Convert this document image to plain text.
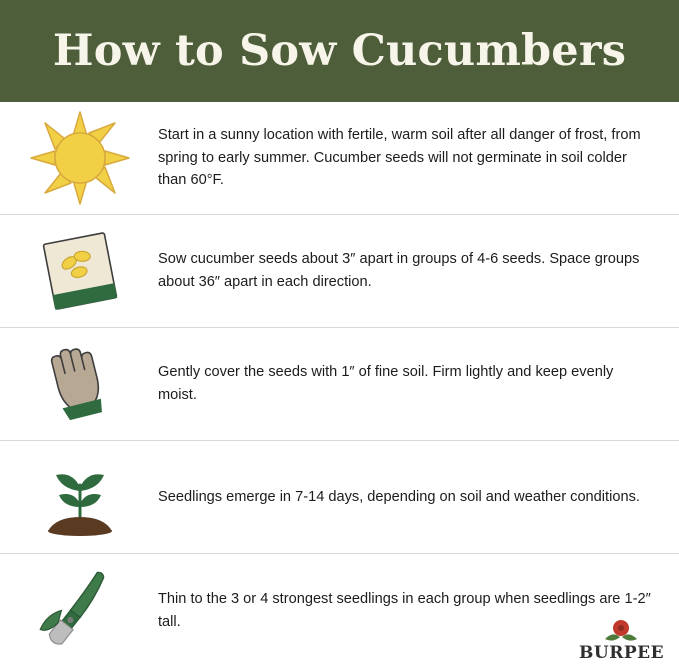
How to Sow Cucumbers
Start in a sunny location with fertile, warm soil after all danger of frost, from spring to early summer. Cucumber seeds will not germinate in soil colder than 60°F.
Sow cucumber seeds about 3″ apart in groups of 4-6 seeds. Space groups about 36″ apart in each direction.
Gently cover the seeds with 1″ of fine soil. Firm lightly and keep evenly moist.
Seedlings emerge in 7-14 days, depending on soil and weather conditions.
Thin to the 3 or 4 strongest seedlings in each group when seedlings are 1-2″ tall.
BURPEE
